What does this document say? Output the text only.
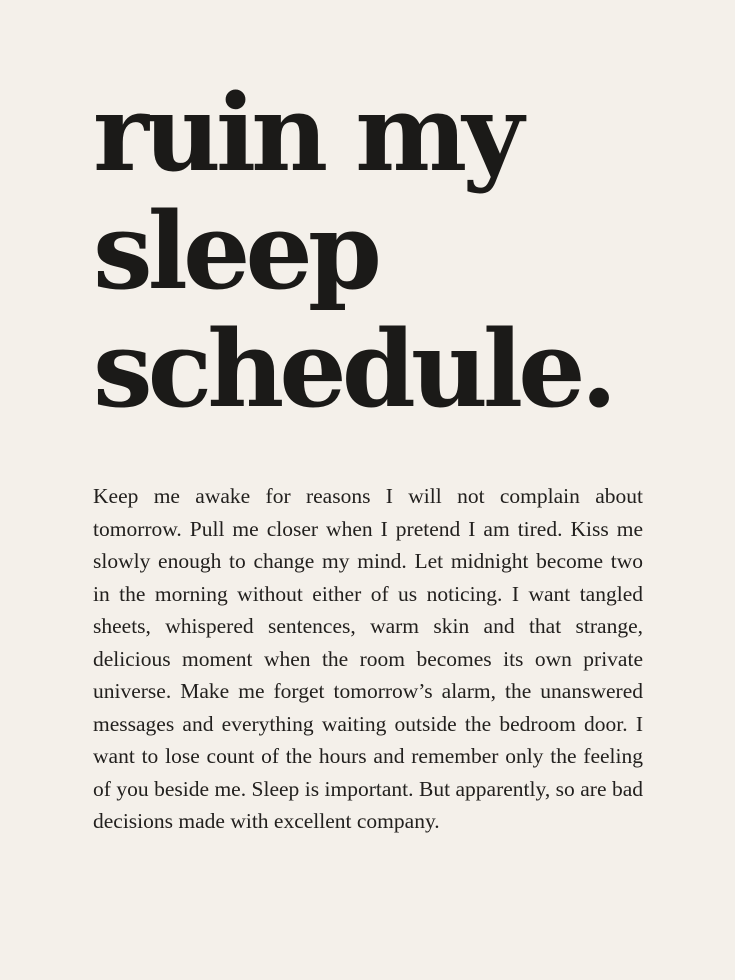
ruin my
sleep
schedule.

Keep me awake for reasons I will not complain about tomorrow. Pull me closer when I pretend I am tired. Kiss me slowly enough to change my mind. Let midnight become two in the morning without either of us noticing. I want tangled sheets, whispered sentences, warm skin and that strange, delicious moment when the room becomes its own private universe. Make me forget tomorrow’s alarm, the unanswered messages and everything waiting outside the bedroom door. I want to lose count of the hours and remember only the feeling of you beside me. Sleep is important. But apparently, so are bad decisions made with excellent company.
